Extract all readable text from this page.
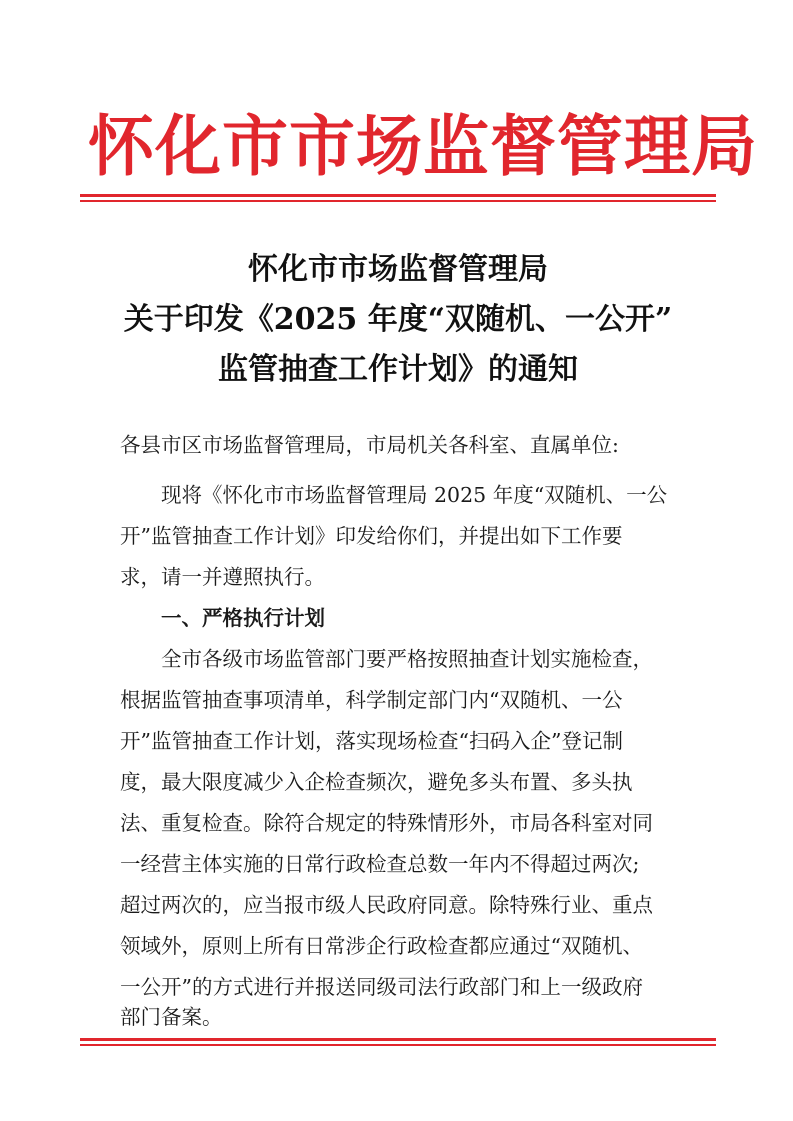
怀化市市场监督管理局
怀化市市场监督管理局
关于印发《2025 年度“双随机、一公开”
监管抽查工作计划》的通知
各县市区市场监督管理局，市局机关各科室、直属单位:
现将《怀化市市场监督管理局 2025 年度“双随机、一公
开”监管抽查工作计划》印发给你们，并提出如下工作要
求，请一并遵照执行。
一、严格执行计划
全市各级市场监管部门要严格按照抽查计划实施检查，
根据监管抽查事项清单，科学制定部门内“双随机、一公
开”监管抽查工作计划，落实现场检查“扫码入企”登记制
度，最大限度减少入企检查频次，避免多头布置、多头执
法、重复检查。除符合规定的特殊情形外，市局各科室对同
一经营主体实施的日常行政检查总数一年内不得超过两次;
超过两次的，应当报市级人民政府同意。除特殊行业、重点
领域外，原则上所有日常涉企行政检查都应通过“双随机、
一公开”的方式进行并报送同级司法行政部门和上一级政府
部门备案。
